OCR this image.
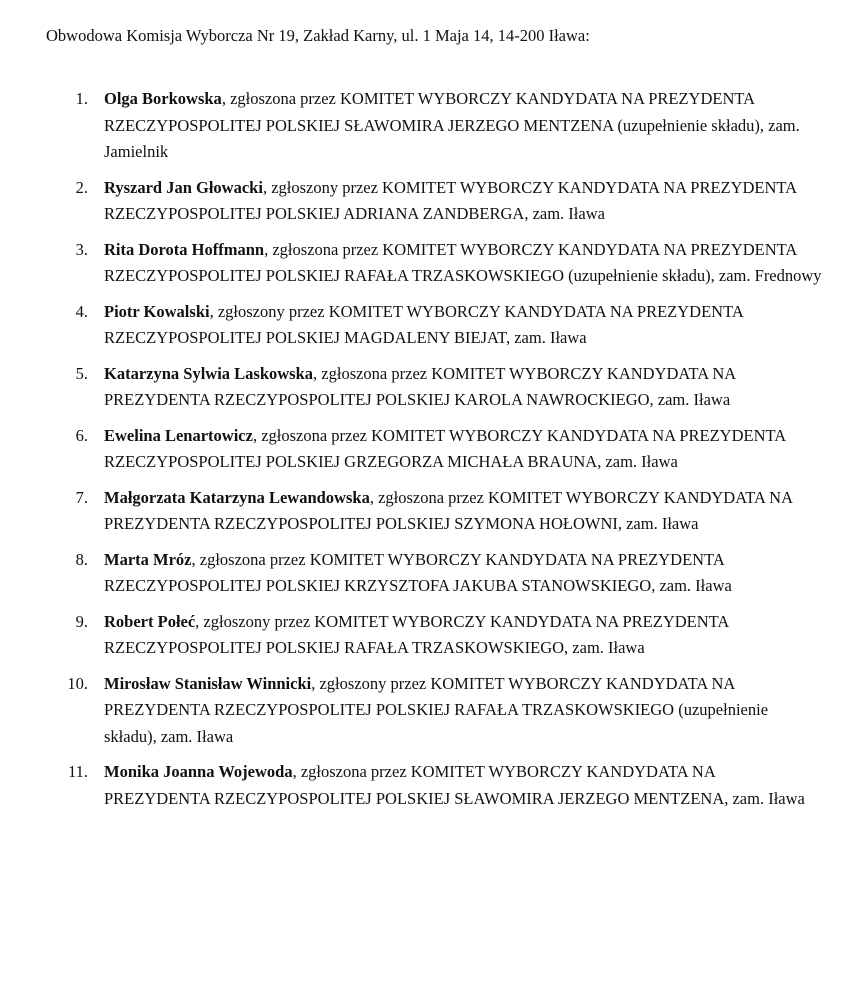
Obwodowa Komisja Wyborcza Nr 19, Zakład Karny, ul. 1 Maja 14, 14-200 Iława:
1. Olga Borkowska, zgłoszona przez KOMITET WYBORCZY KANDYDATA NA PREZYDENTA RZECZYPOSPOLITEJ POLSKIEJ SŁAWOMIRA JERZEGO MENTZENA (uzupełnienie składu), zam. Jamielnik
2. Ryszard Jan Głowacki, zgłoszony przez KOMITET WYBORCZY KANDYDATA NA PREZYDENTA RZECZYPOSPOLITEJ POLSKIEJ ADRIANA ZANDBERGA, zam. Iława
3. Rita Dorota Hoffmann, zgłoszona przez KOMITET WYBORCZY KANDYDATA NA PREZYDENTA RZECZYPOSPOLITEJ POLSKIEJ RAFAŁA TRZASKOWSKIEGO (uzupełnienie składu), zam. Frednowy
4. Piotr Kowalski, zgłoszony przez KOMITET WYBORCZY KANDYDATA NA PREZYDENTA RZECZYPOSPOLITEJ POLSKIEJ MAGDALENY BIEJAT, zam. Iława
5. Katarzyna Sylwia Laskowska, zgłoszona przez KOMITET WYBORCZY KANDYDATA NA PREZYDENTA RZECZYPOSPOLITEJ POLSKIEJ KAROLA NAWROCKIEGO, zam. Iława
6. Ewelina Lenartowicz, zgłoszona przez KOMITET WYBORCZY KANDYDATA NA PREZYDENTA RZECZYPOSPOLITEJ POLSKIEJ GRZEGORZA MICHAŁA BRAUNA, zam. Iława
7. Małgorzata Katarzyna Lewandowska, zgłoszona przez KOMITET WYBORCZY KANDYDATA NA PREZYDENTA RZECZYPOSPOLITEJ POLSKIEJ SZYMONA HOŁOWNI, zam. Iława
8. Marta Mróz, zgłoszona przez KOMITET WYBORCZY KANDYDATA NA PREZYDENTA RZECZYPOSPOLITEJ POLSKIEJ KRZYSZTOFA JAKUBA STANOWSKIEGO, zam. Iława
9. Robert Połeć, zgłoszony przez KOMITET WYBORCZY KANDYDATA NA PREZYDENTA RZECZYPOSPOLITEJ POLSKIEJ RAFAŁA TRZASKOWSKIEGO, zam. Iława
10. Mirosław Stanisław Winnicki, zgłoszony przez KOMITET WYBORCZY KANDYDATA NA PREZYDENTA RZECZYPOSPOLITEJ POLSKIEJ RAFAŁA TRZASKOWSKIEGO (uzupełnienie składu), zam. Iława
11. Monika Joanna Wojewoda, zgłoszona przez KOMITET WYBORCZY KANDYDATA NA PREZYDENTA RZECZYPOSPOLITEJ POLSKIEJ SŁAWOMIRA JERZEGO MENTZENA, zam. Iława
